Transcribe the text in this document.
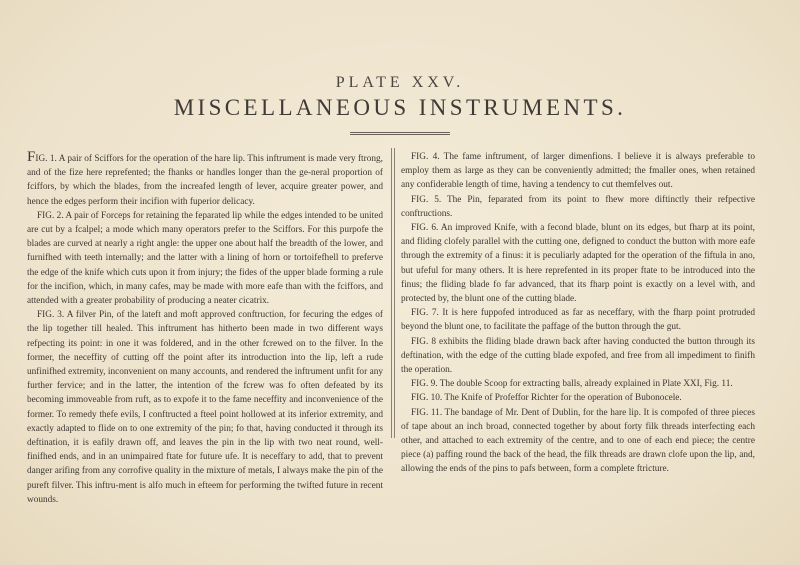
PLATE XXV.
MISCELLANEOUS INSTRUMENTS.

FIG. 1. A pair of Sciffors for the operation of the hare lip. This inftrument is made very ftrong, and of the fize here reprefented; the fhanks or handles longer than the ge-neral proportion of fciffors, by which the blades, from the increafed length of lever, acquire greater power, and hence the edges perform their incifion with fuperior delicacy.

FIG. 2. A pair of Forceps for retaining the feparated lip while the edges intended to be united are cut by a fcalpel; a mode which many operators prefer to the Sciffors. For this purpofe the blades are curved at nearly a right angle: the upper one about half the breadth of the lower, and furnifhed with teeth internally; and the latter with a lining of horn or tortoifefhell to preferve the edge of the knife which cuts upon it from injury; the fides of the upper blade forming a rule for the incifion, which, in many cafes, may be made with more eafe than with the fciffors, and attended with a greater probability of producing a neater cicatrix.

FIG. 3. A filver Pin, of the lateft and moft approved conftruction, for fecuring the edges of the lip together till healed. This inftrument has hitherto been made in two different ways refpecting its point: in one it was foldered, and in the other fcrewed on to the filver. In the former, the neceffity of cutting off the point after its introduction into the lip, left a rude unfinifhed extremity, inconvenient on many accounts, and rendered the inftrument unfit for any further fervice; and in the latter, the intention of the fcrew was fo often defeated by its becoming immoveable from ruft, as to expofe it to the fame neceffity and inconvenience of the former. To remedy thefe evils, I conftructed a fteel point hollowed at its inferior extremity, and exactly adapted to flide on to one extremity of the pin; fo that, having conducted it through its deftination, it is eafily drawn off, and leaves the pin in the lip with two neat round, well-finifhed ends, and in an unimpaired ftate for future ufe. It is neceffary to add, that to prevent danger arifing from any corrofive quality in the mixture of metals, I always make the pin of the pureft filver. This inftru-ment is alfo much in efteem for performing the twifted future in recent wounds.

FIG. 4. The fame inftrument, of larger dimenfions. I believe it is always preferable to employ them as large as they can be conveniently admitted; the fmaller ones, when retained any confiderable length of time, having a tendency to cut themfelves out.

FIG. 5. The Pin, feparated from its point to fhew more diftinctly their refpective conftructions.

FIG. 6. An improved Knife, with a fecond blade, blunt on its edges, but fharp at its point, and fliding clofely parallel with the cutting one, defigned to conduct the button with more eafe through the extremity of a finus: it is peculiarly adapted for the operation of the fiftula in ano, but ufeful for many others. It is here reprefented in its proper ftate to be introduced into the finus; the fliding blade fo far advanced, that its fharp point is exactly on a level with, and protected by, the blunt one of the cutting blade.

FIG. 7. It is here fuppofed introduced as far as neceffary, with the fharp point protruded beyond the blunt one, to facilitate the paffage of the button through the gut.

FIG. 8 exhibits the fliding blade drawn back after having conducted the button through its deftination, with the edge of the cutting blade expofed, and free from all impediment to finifh the operation.

FIG. 9. The double Scoop for extracting balls, already explained in Plate XXI, Fig. 11.

FIG. 10. The Knife of Profeffor Richter for the operation of Bubonocele.

FIG. 11. The bandage of Mr. Dent of Dublin, for the hare lip. It is compofed of three pieces of tape about an inch broad, connected together by about forty filk threads interfecting each other, and attached to each extremity of the centre, and to one of each end piece; the centre piece (a) paffing round the back of the head, the filk threads are drawn clofe upon the lip, and, allowing the ends of the pins to pafs between, form a complete ftricture.
